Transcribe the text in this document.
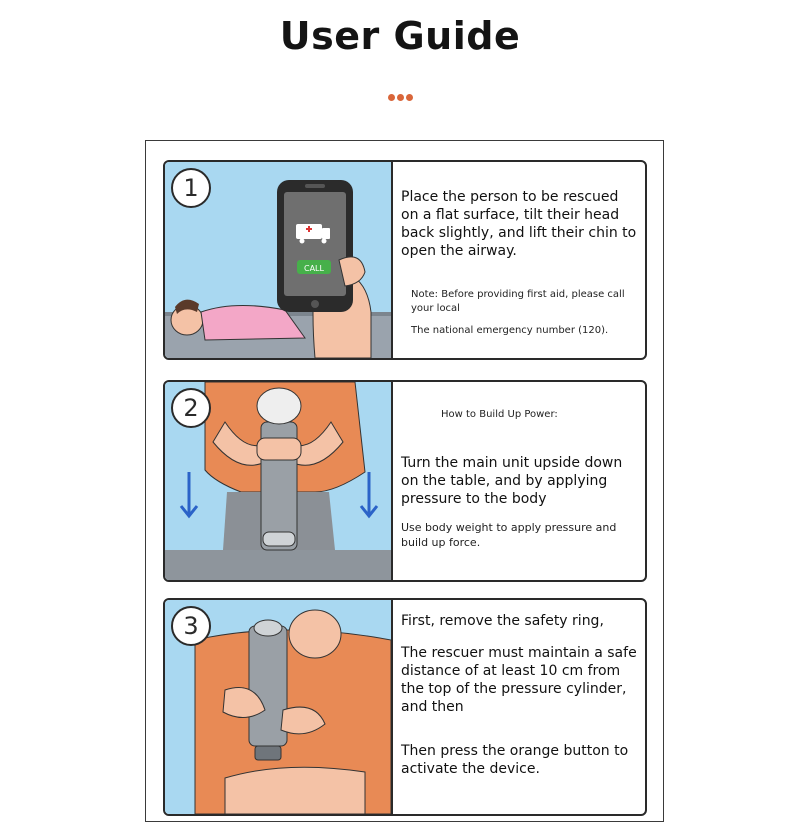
User Guide
1
CALL
Place the person to be rescued on a flat surface, tilt their head back slightly, and lift their chin to open the airway.
Note: Before providing first aid, please call your local
The national emergency number (120).
2	How to Build Up Power:
Turn the main unit upside down on the table, and by applying pressure to the body
Use body weight to apply pressure and build up force.
3	First, remove the safety ring,
The rescuer must maintain a safe distance of at least 10 cm from the top of the pressure cylinder, and then
Then press the orange button to activate the device.
